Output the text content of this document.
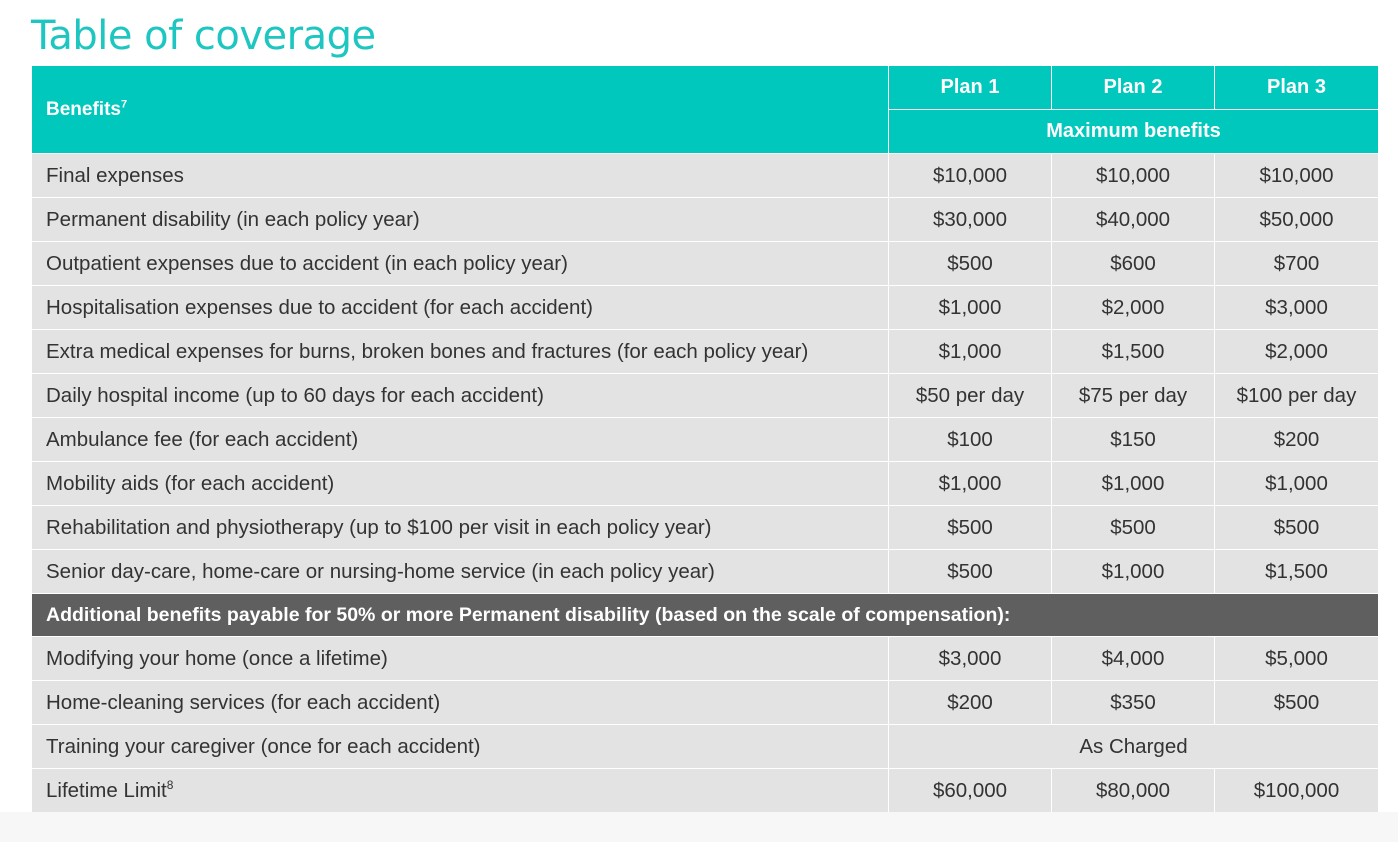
Table of coverage
Benefits$^7$	Plan 1	Plan 2	Plan 3
	Maximum benefits		
Final expenses	$10,000	$10,000	$10,000
Permanent disability (in each policy year)	$30,000	$40,000	$50,000
Outpatient expenses due to accident (in each policy year)	$500	$600	$700
Hospitalisation expenses due to accident (for each accident)	$1,000	$2,000	$3,000
Extra medical expenses for burns, broken bones and fractures (for each policy year)	$1,000	$1,500	$2,000
Daily hospital income (up to 60 days for each accident)	$50 per day	$75 per day	$100 per day
Ambulance fee (for each accident)	$100	$150	$200
Mobility aids (for each accident)	$1,000	$1,000	$1,000
Rehabilitation and physiotherapy (up to $100 per visit in each policy year)	$500	$500	$500
Senior day-care, home-care or nursing-home service (in each policy year)	$500	$1,000	$1,500
Additional benefits payable for 50% or more Permanent disability (based on the scale of compensation):			
Modifying your home (once a lifetime)	$3,000	$4,000	$5,000
Home-cleaning services (for each accident)	$200	$350	$500
Training your caregiver (once for each accident)	As Charged		
Lifetime Limit$^8$	$60,000	$80,000	$100,000
